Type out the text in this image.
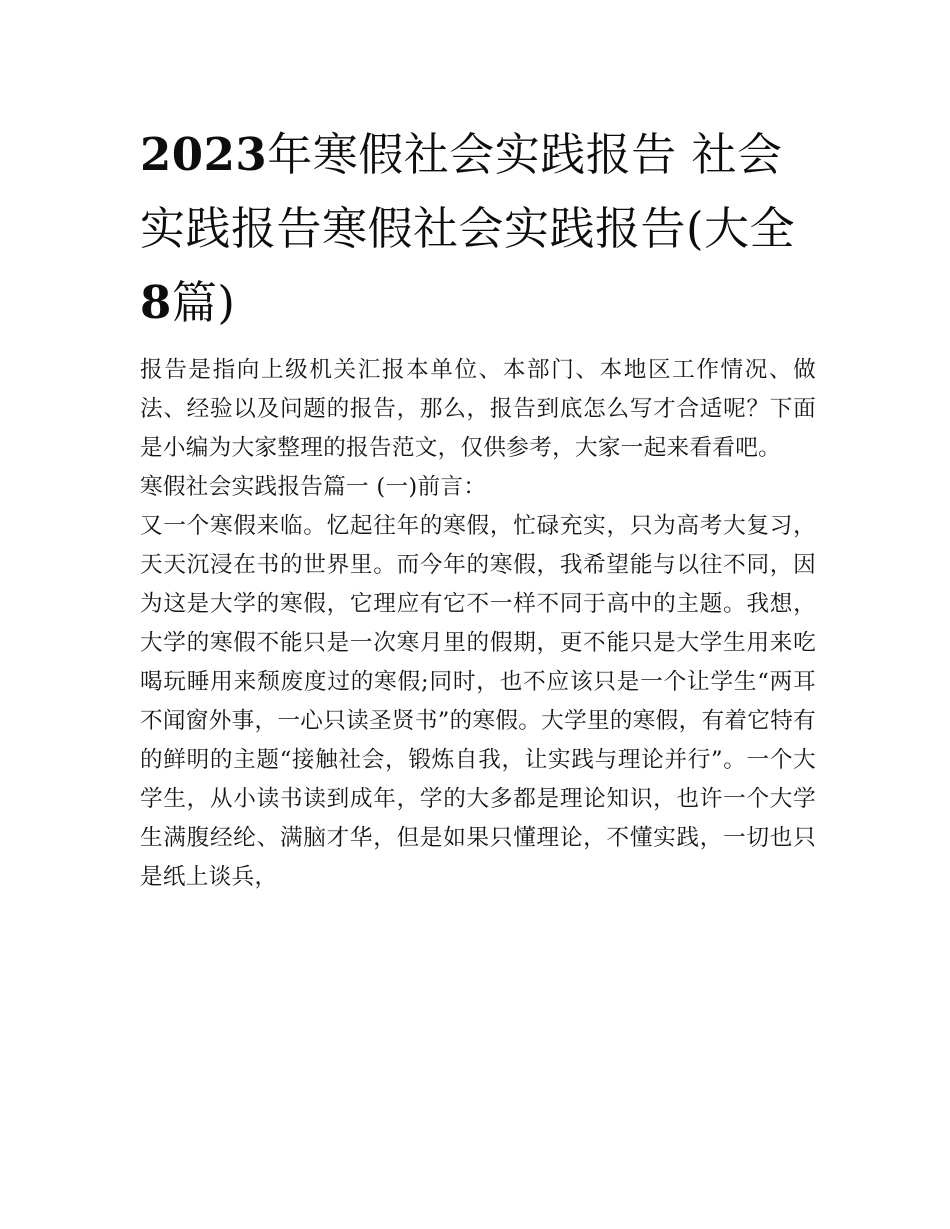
2023年寒假社会实践报告 社会实践报告寒假社会实践报告(大全8篇)

报告是指向上级机关汇报本单位、本部门、本地区工作情况、做法、经验以及问题的报告，那么，报告到底怎么写才合适呢？下面是小编为大家整理的报告范文，仅供参考，大家一起来看看吧。

寒假社会实践报告篇一 (一)前言：

又一个寒假来临。忆起往年的寒假，忙碌充实，只为高考大复习，天天沉浸在书的世界里。而今年的寒假，我希望能与以往不同，因为这是大学的寒假，它理应有它不一样不同于高中的主题。我想，大学的寒假不能只是一次寒月里的假期，更不能只是大学生用来吃喝玩睡用来颓废度过的寒假;同时，也不应该只是一个让学生“两耳不闻窗外事，一心只读圣贤书”的寒假。大学里的寒假，有着它特有的鲜明的主题“接触社会，锻炼自我，让实践与理论并行”。一个大学生，从小读书读到成年，学的大多都是理论知识，也许一个大学生满腹经纶、满脑才华，但是如果只懂理论，不懂实践，一切也只是纸上谈兵，
